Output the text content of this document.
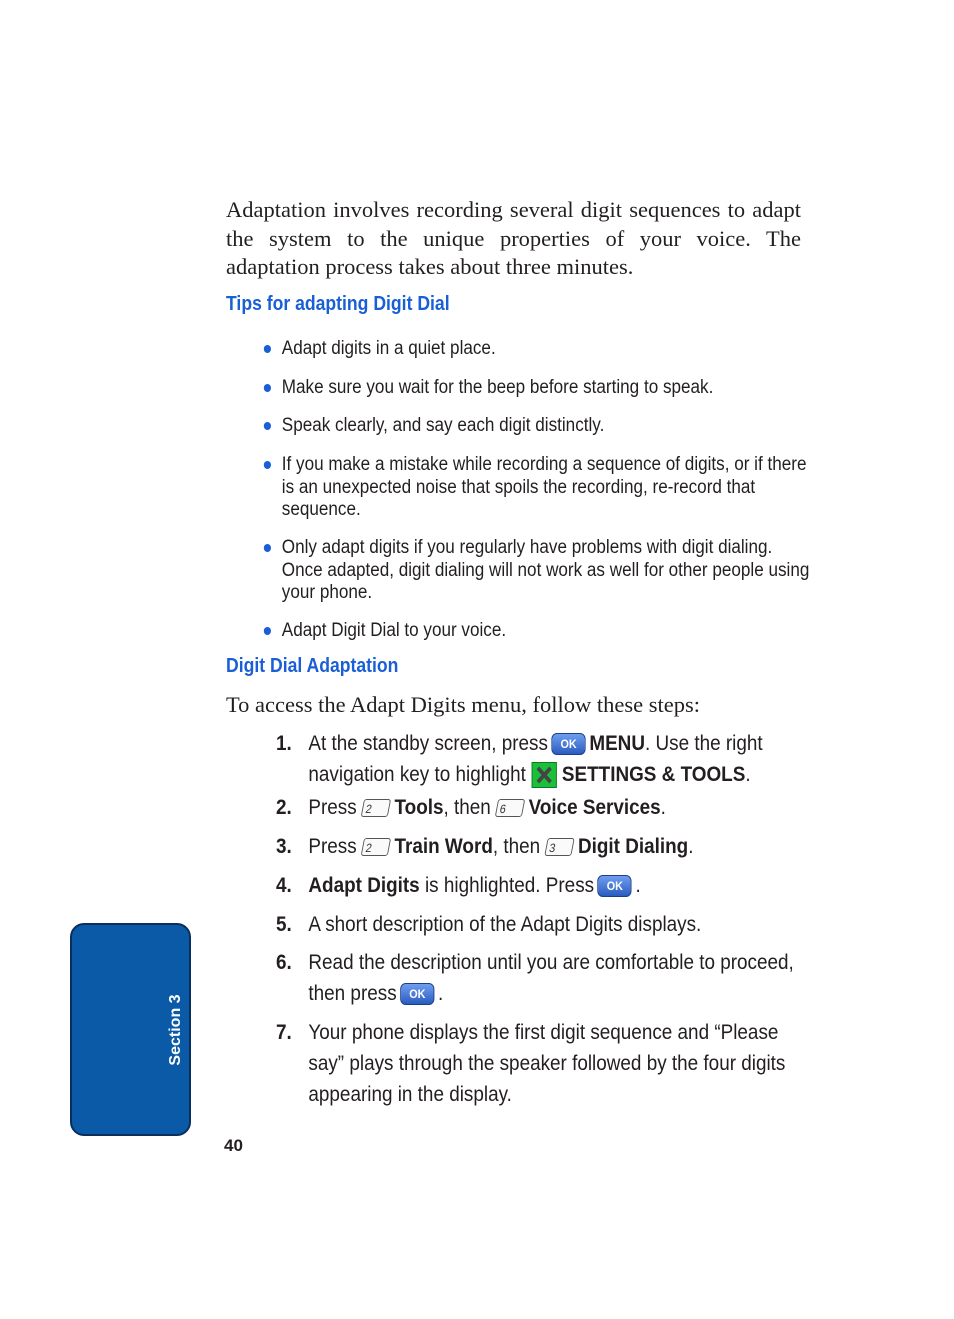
Adaptation involves recording several digit sequences to adapt the system to the unique properties of your voice. The adaptation process takes about three minutes.

Tips for adapting Digit Dial
Adapt digits in a quiet place.
Make sure you wait for the beep before starting to speak.
Speak clearly, and say each digit distinctly.
If you make a mistake while recording a sequence of digits, or if there is an unexpected noise that spoils the recording, re-record that sequence.
Only adapt digits if you regularly have problems with digit dialing. Once adapted, digit dialing will not work as well for other people using your phone.
Adapt Digit Dial to your voice.
Digit Dial Adaptation

To access the Adapt Digits menu, follow these steps:

1. At the standby screen, press OK MENU. Use the right navigation key to highlight SETTINGS & TOOLS.
2. Press 2 Tools, then 6 Voice Services.
3. Press 2 Train Word, then 3 Digit Dialing.
4. Adapt Digits is highlighted. Press OK .
5. A short description of the Adapt Digits displays.
6. Read the description until you are comfortable to proceed, then press OK .
7. Your phone displays the first digit sequence and “Please say” plays through the speaker followed by the four digits appearing in the display.
Section 3
40
